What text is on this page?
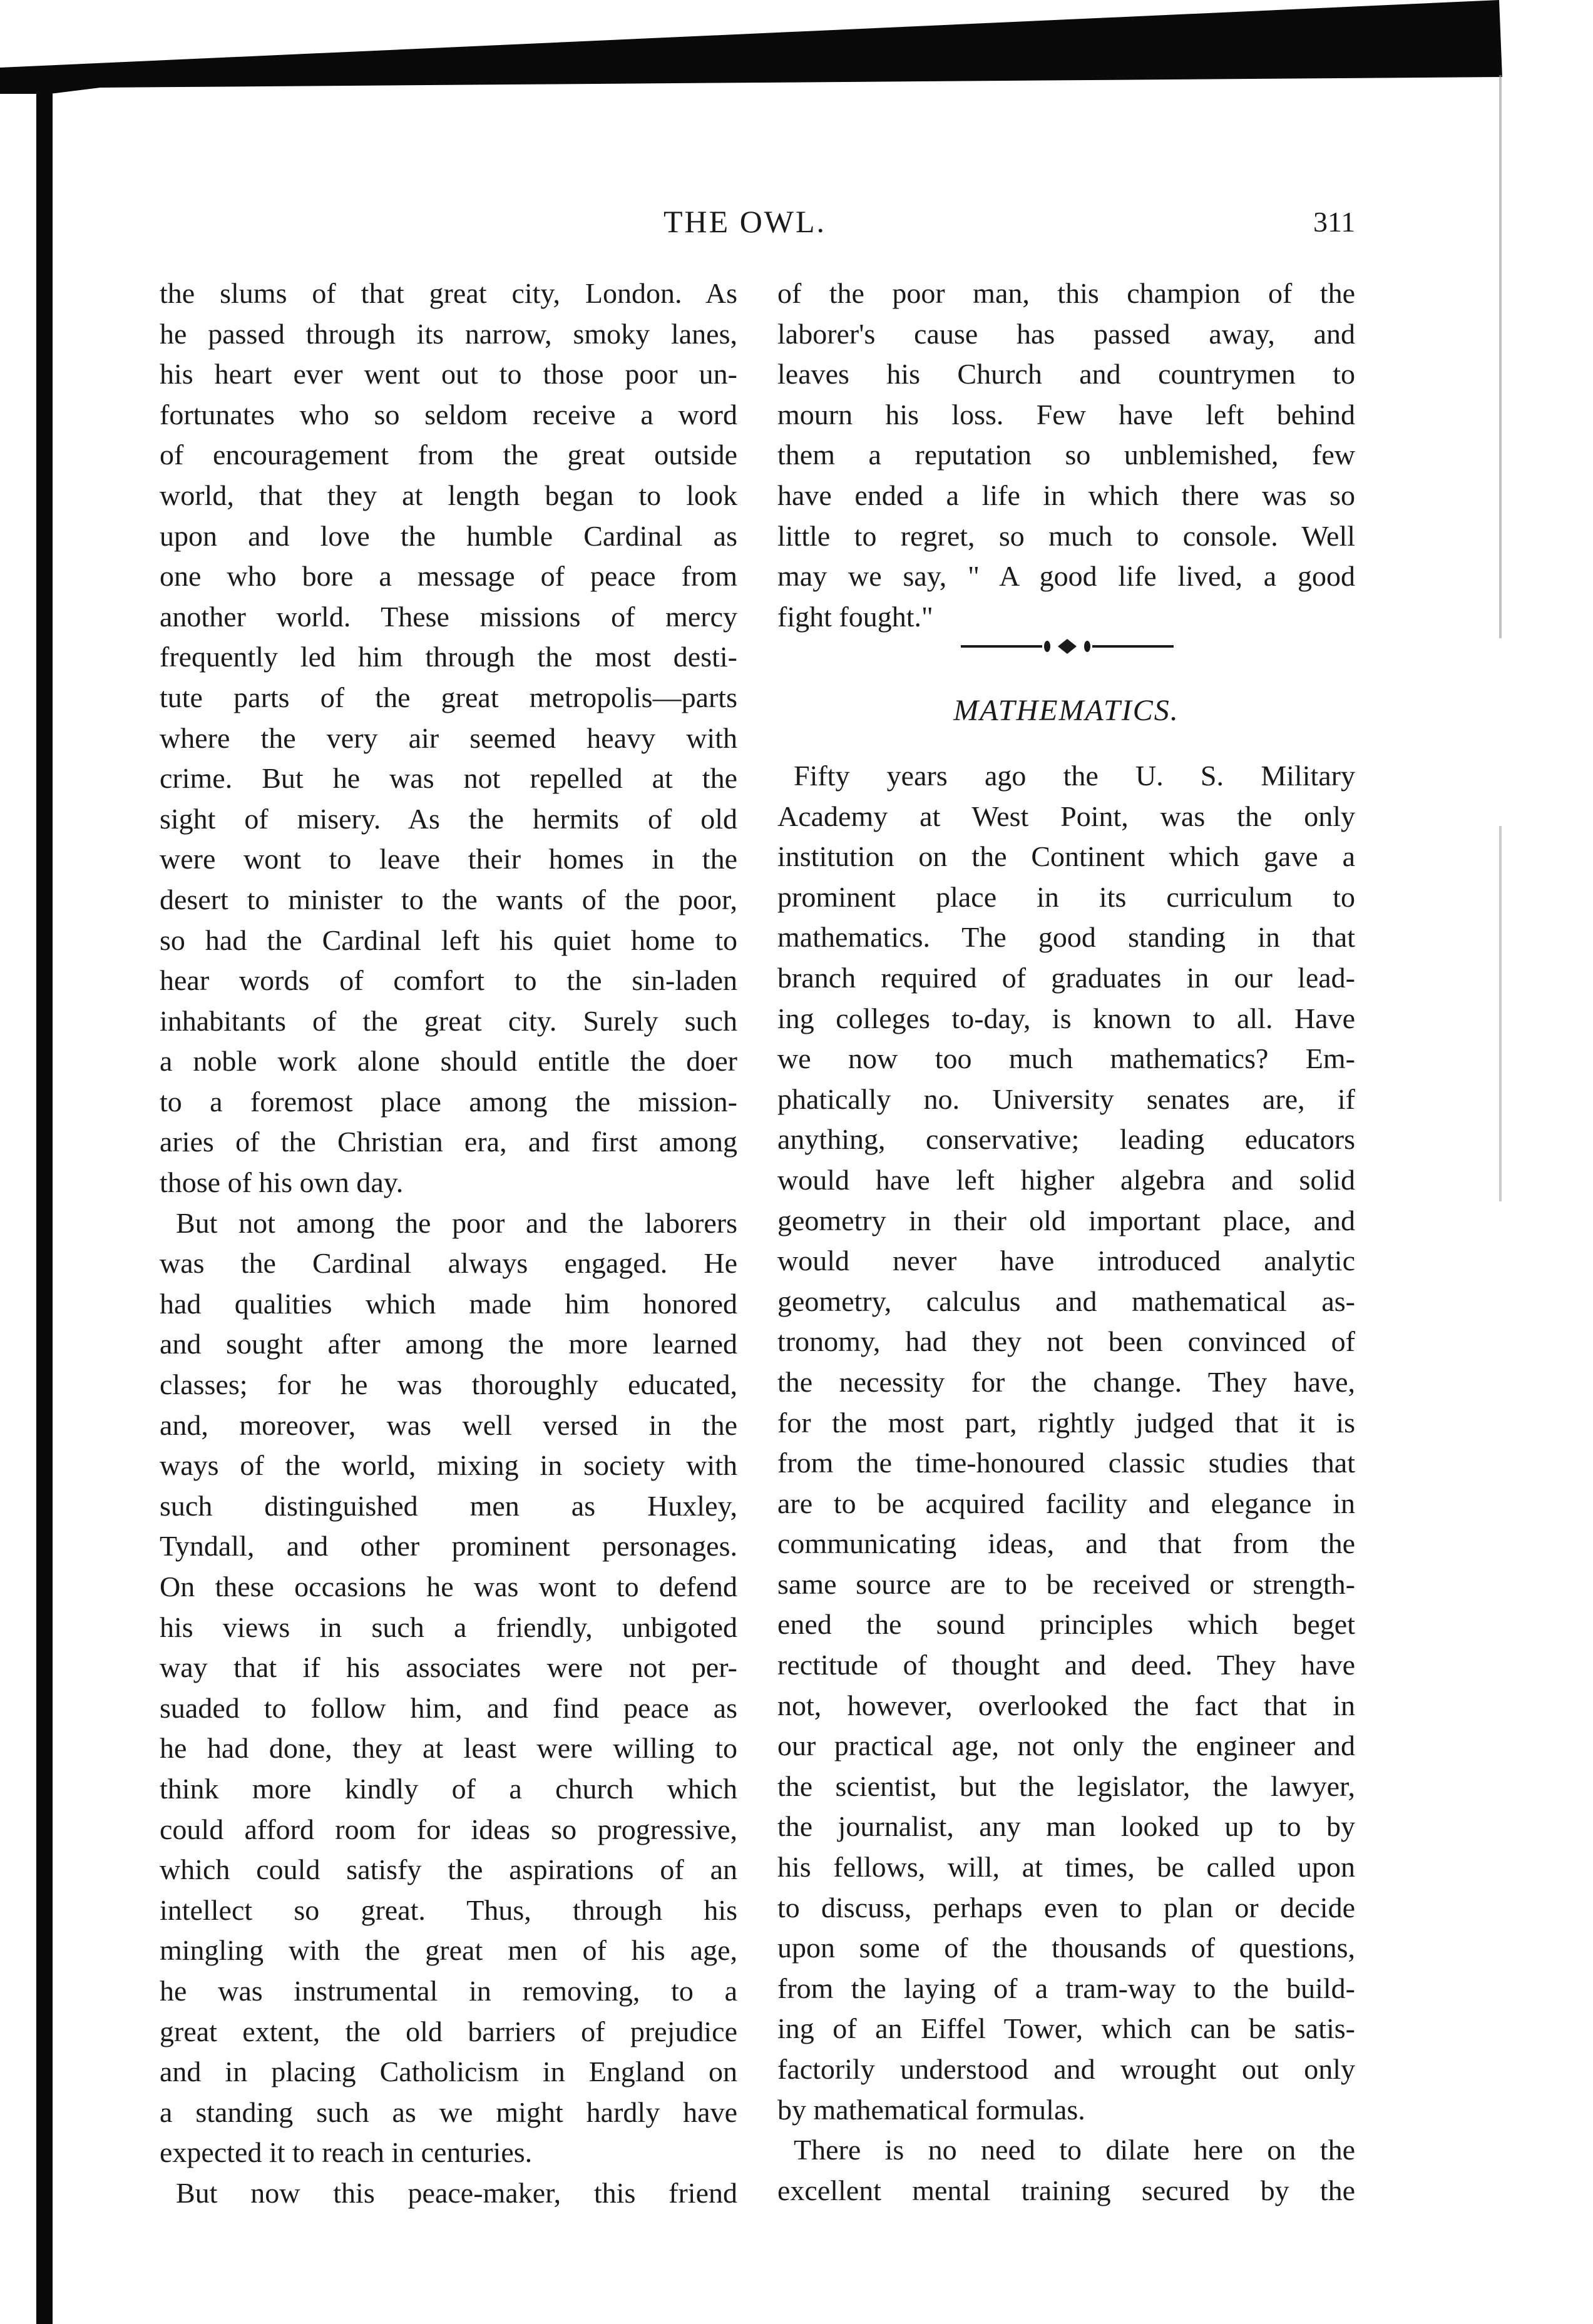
THE OWL.	311
the slums of that great city, London. As
he passed through its narrow, smoky lanes,
his heart ever went out to those poor un-
fortunates who so seldom receive a word
of encouragement from the great outside
world, that they at length began to look
upon and love the humble Cardinal as
one who bore a message of peace from
another world. These missions of mercy
frequently led him through the most desti-
tute parts of the great metropolis—parts
where the very air seemed heavy with
crime. But he was not repelled at the
sight of misery. As the hermits of old
were wont to leave their homes in the
desert to minister to the wants of the poor,
so had the Cardinal left his quiet home to
hear words of comfort to the sin-laden
inhabitants of the great city. Surely such
a noble work alone should entitle the doer
to a foremost place among the mission-
aries of the Christian era, and first among
those of his own day.
But not among the poor and the laborers
was the Cardinal always engaged. He
had qualities which made him honored
and sought after among the more learned
classes; for he was thoroughly educated,
and, moreover, was well versed in the
ways of the world, mixing in society with
such distinguished men as Huxley,
Tyndall, and other prominent personages.
On these occasions he was wont to defend
his views in such a friendly, unbigoted
way that if his associates were not per-
suaded to follow him, and find peace as
he had done, they at least were willing to
think more kindly of a church which
could afford room for ideas so progressive,
which could satisfy the aspirations of an
intellect so great. Thus, through his
mingling with the great men of his age,
he was instrumental in removing, to a
great extent, the old barriers of prejudice
and in placing Catholicism in England on
a standing such as we might hardly have
expected it to reach in centuries.
But now this peace-maker, this friend
of the poor man, this champion of the
laborer's cause has passed away, and
leaves his Church and countrymen to
mourn his loss. Few have left behind
them a reputation so unblemished, few
have ended a life in which there was so
little to regret, so much to console. Well
may we say, " A good life lived, a good
fight fought."
MATHEMATICS.
Fifty years ago the U. S. Military
Academy at West Point, was the only
institution on the Continent which gave a
prominent place in its curriculum to
mathematics. The good standing in that
branch required of graduates in our lead-
ing colleges to-day, is known to all. Have
we now too much mathematics? Em-
phatically no. University senates are, if
anything, conservative; leading educators
would have left higher algebra and solid
geometry in their old important place, and
would never have introduced analytic
geometry, calculus and mathematical as-
tronomy, had they not been convinced of
the necessity for the change. They have,
for the most part, rightly judged that it is
from the time-honoured classic studies that
are to be acquired facility and elegance in
communicating ideas, and that from the
same source are to be received or strength-
ened the sound principles which beget
rectitude of thought and deed. They have
not, however, overlooked the fact that in
our practical age, not only the engineer and
the scientist, but the legislator, the lawyer,
the journalist, any man looked up to by
his fellows, will, at times, be called upon
to discuss, perhaps even to plan or decide
upon some of the thousands of questions,
from the laying of a tram-way to the build-
ing of an Eiffel Tower, which can be satis-
factorily understood and wrought out only
by mathematical formulas.
There is no need to dilate here on the
excellent mental training secured by the
